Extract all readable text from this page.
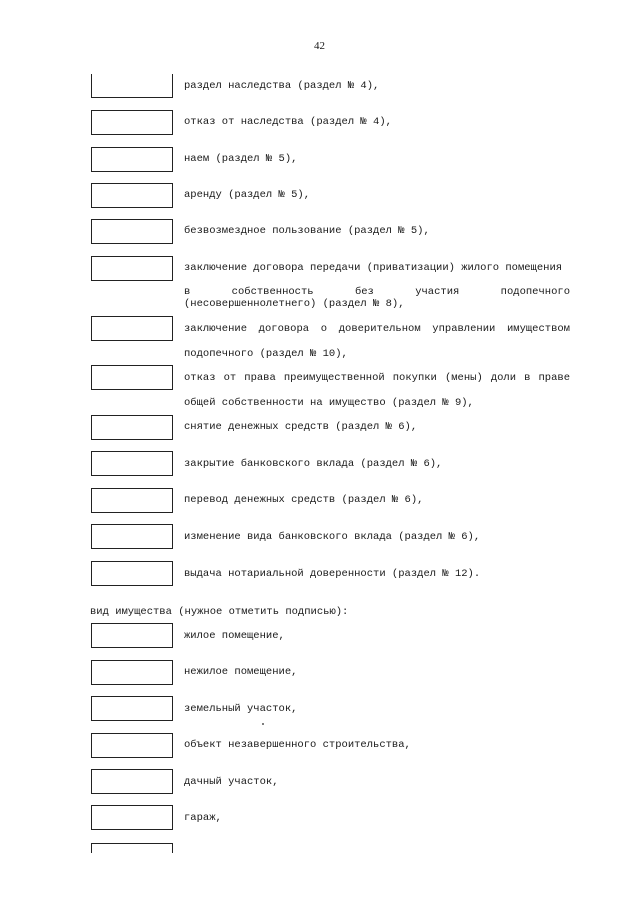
42
раздел наследства (раздел № 4),
отказ от наследства (раздел № 4),
наем (раздел № 5),
аренду (раздел № 5),
безвозмездное пользование (раздел № 5),
заключение договора передачи (приватизации) жилого помещения
в собственность без участия подопечного
(несовершеннолетнего) (раздел № 8),
заключение договора о доверительном управлении имуществом
подопечного (раздел № 10),
отказ от права преимущественной покупки (мены) доли в праве
общей собственности на имущество (раздел № 9),
снятие денежных средств (раздел № 6),
закрытие банковского вклада (раздел № 6),
перевод денежных средств (раздел № 6),
изменение вида банковского вклада (раздел № 6),
выдача нотариальной доверенности (раздел № 12).
вид имущества (нужное отметить подписью):
жилое помещение,
нежилое помещение,
земельный участок,
объект незавершенного строительства,
дачный участок,
гараж,
